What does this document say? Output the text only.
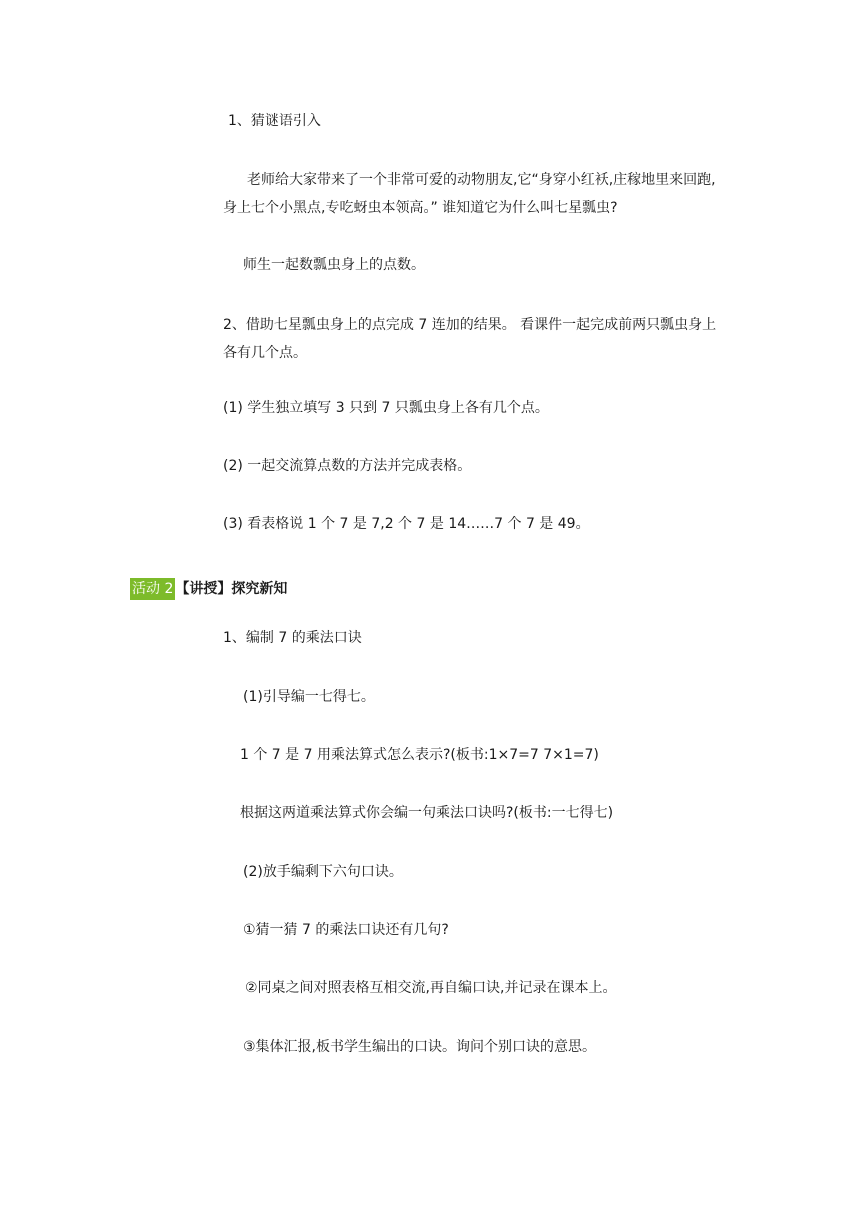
1、猜谜语引入
老师给大家带来了一个非常可爱的动物朋友,它“身穿小红袄,庄稼地里来回跑,身上七个小黑点,专吃蚜虫本领高。” 谁知道它为什么叫七星瓢虫?
师生一起数瓢虫身上的点数。
2、借助七星瓢虫身上的点完成 7 连加的结果。 看课件一起完成前两只瓢虫身上各有几个点。
(1) 学生独立填写 3 只到 7 只瓢虫身上各有几个点。
(2) 一起交流算点数的方法并完成表格。
(3) 看表格说 1 个 7 是 7,2 个 7 是 14……7 个 7 是 49。
活动 2 【讲授】探究新知
1、编制 7 的乘法口诀
(1)引导编一七得七。
1 个 7 是 7 用乘法算式怎么表示?(板书:1×7=7 7×1=7)
根据这两道乘法算式你会编一句乘法口诀吗?(板书:一七得七)
(2)放手编剩下六句口诀。
①猜一猜 7 的乘法口诀还有几句?
②同桌之间对照表格互相交流,再自编口诀,并记录在课本上。
③集体汇报,板书学生编出的口诀。询问个别口诀的意思。
